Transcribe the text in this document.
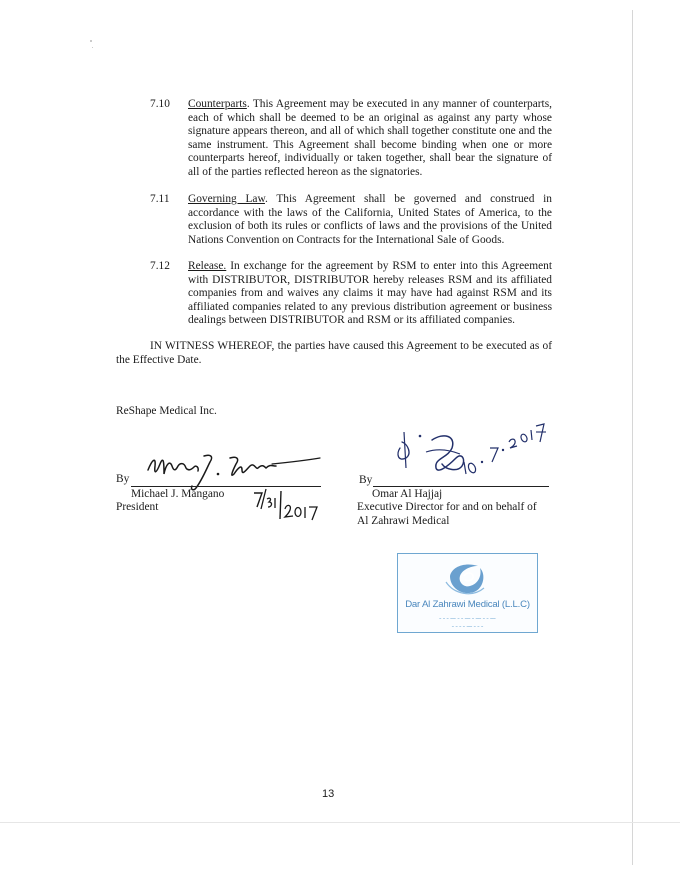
7.10	Counterparts. This Agreement may be executed in any manner of counterparts, each of which shall be deemed to be an original as against any party whose signature appears thereon, and all of which shall together constitute one and the same instrument. This Agreement shall become binding when one or more counterparts hereof, individually or taken together, shall bear the signature of all of the parties reflected hereon as the signatories.
7.11	Governing Law. This Agreement shall be governed and construed in accordance with the laws of the California, United States of America, to the exclusion of both its rules or conflicts of laws and the provisions of the United Nations Convention on Contracts for the International Sale of Goods.
7.12	Release. In exchange for the agreement by RSM to enter into this Agreement with DISTRIBUTOR, DISTRIBUTOR hereby releases RSM and its affiliated companies from and waives any claims it may have had against RSM and its affiliated companies related to any previous distribution agreement or business dealings between DISTRIBUTOR and RSM or its affiliated companies.
IN WITNESS WHEREOF, the parties have caused this Agreement to be executed as of the Effective Date.
ReShape Medical Inc.
By
Michael J. Mangano
President
By
Omar Al Hajjaj
Executive Director for and on behalf of
Al Zahrawi Medical
Dar Al Zahrawi Medical (L.L.C)
ـــ ـ ـ ـــ ـ ـــ ـ ـ ـــ ـ ـ ـ
ـ ـ ـ ـــ ـ ـ ـ ـ
13
